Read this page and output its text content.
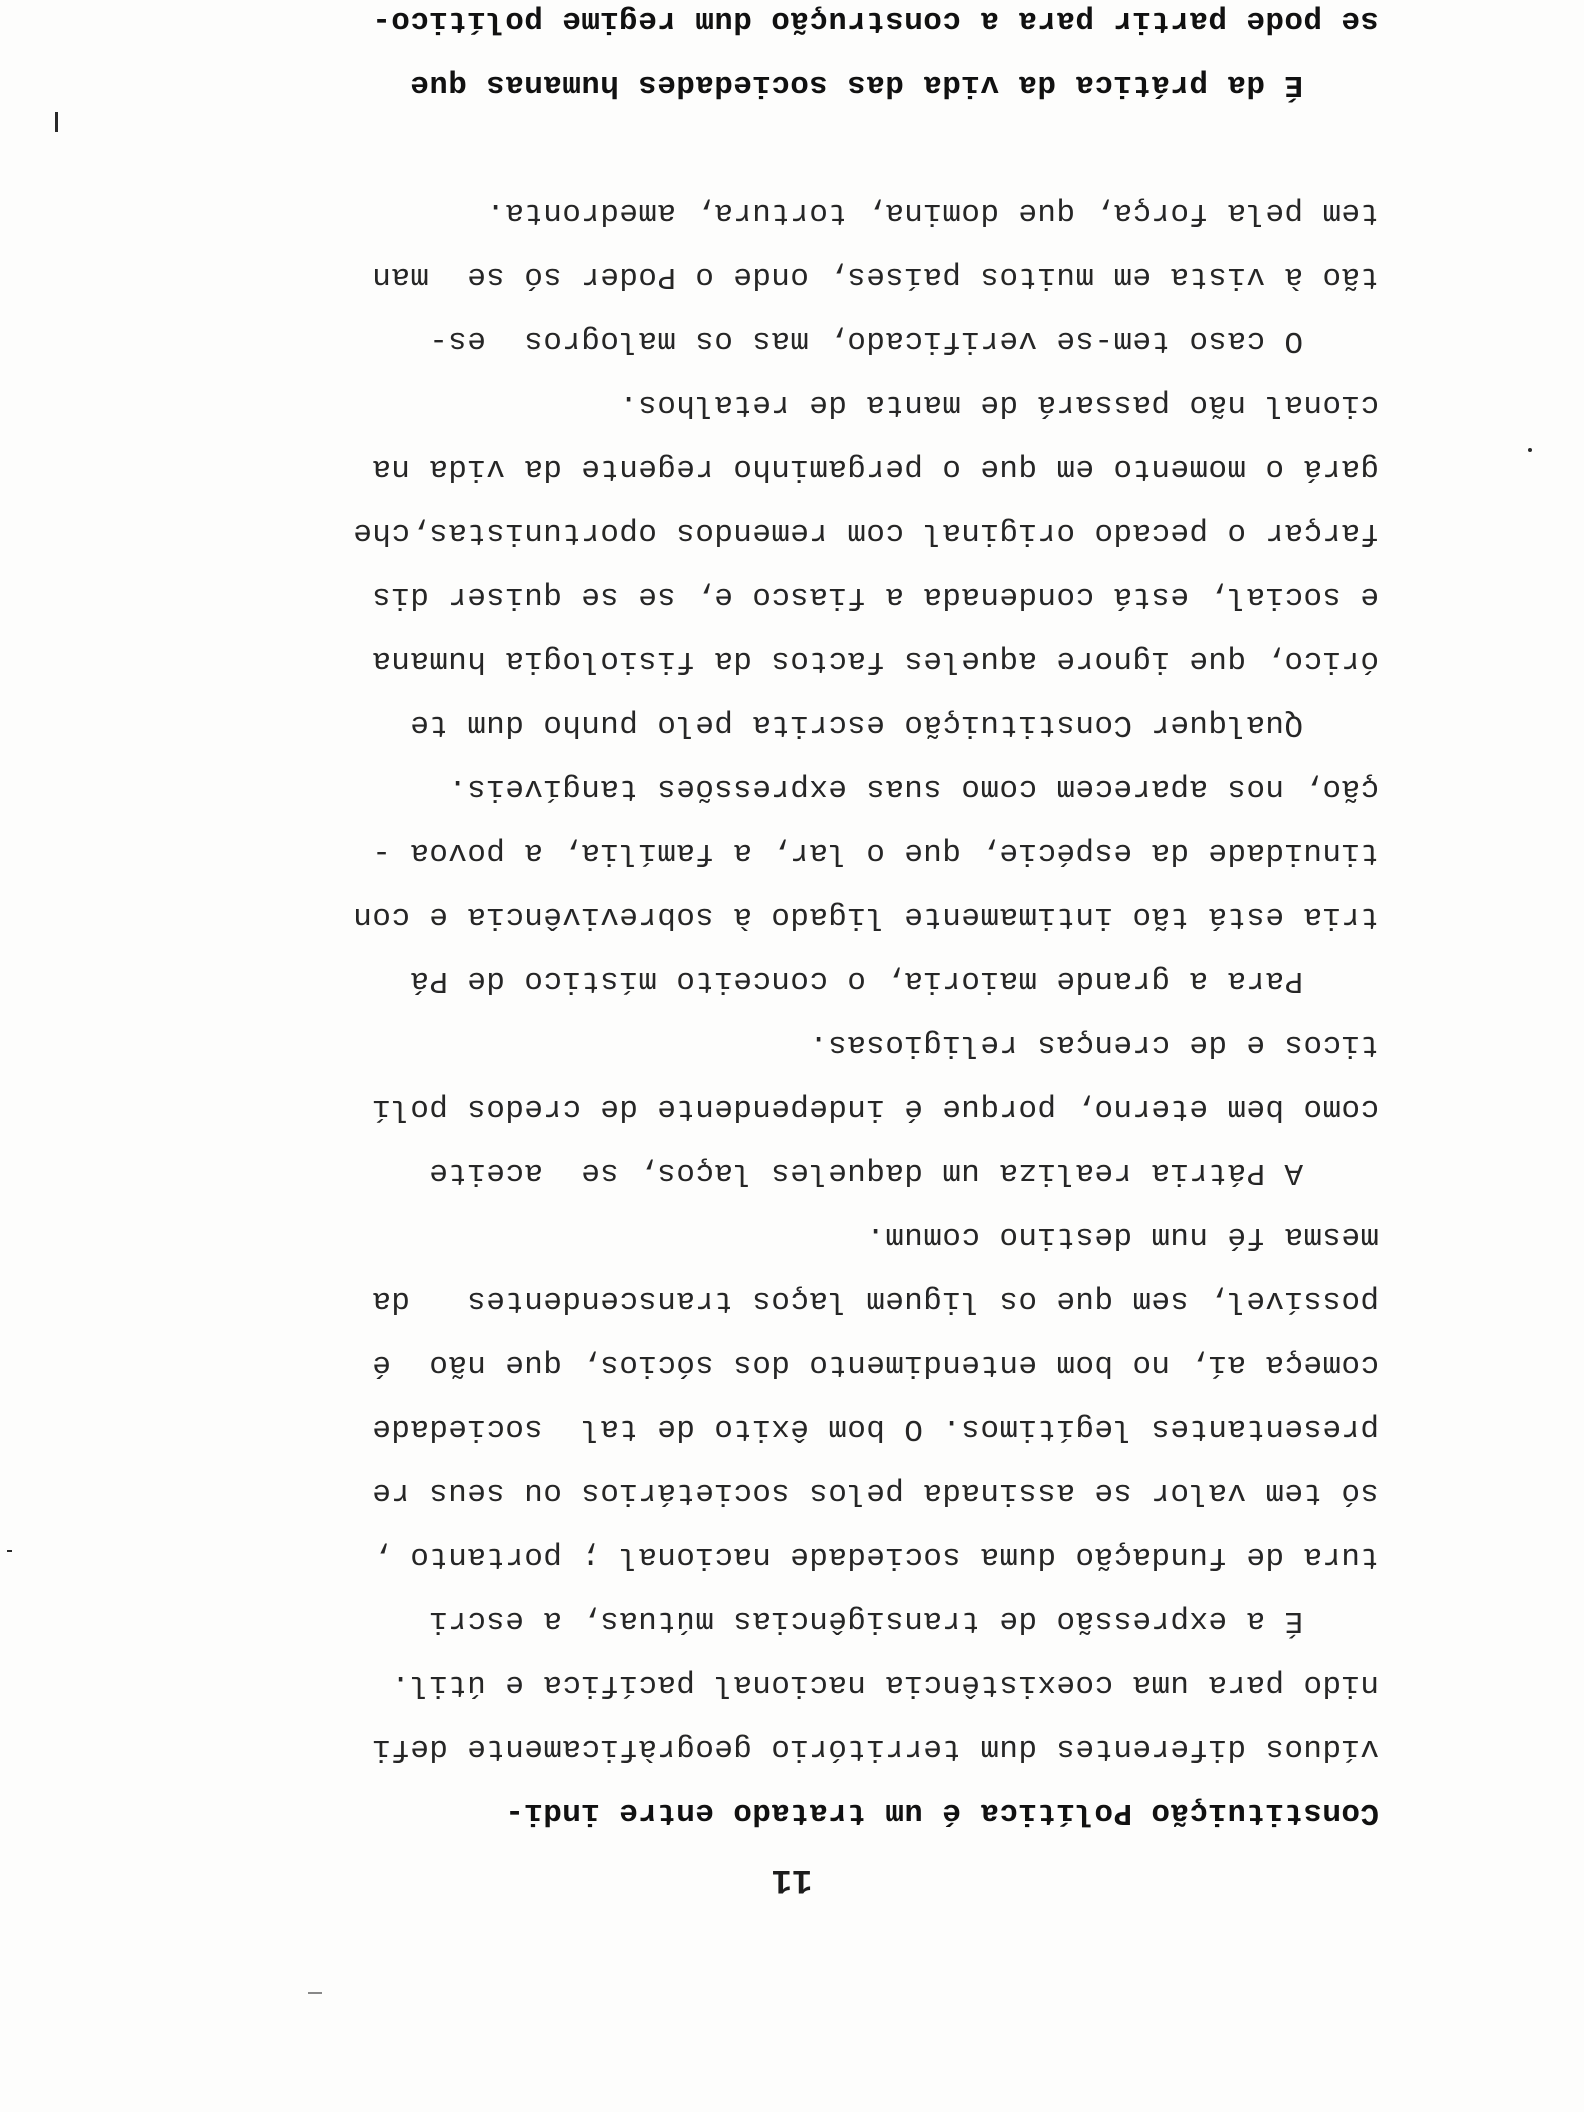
11
Constituição Política é um tratado entre indi-
víduos diferentes dum território geogràficamente defi
nido para uma coexistência nacional pacífica e útil.
É a expressão de transigências mútuas, a escri
tura de fundação duma sociedade nacional ; portanto ,
só tem valor se assinada pelos societários ou seus re
presentantes legítimos. O bom êxito de tal  sociedade
começa aí, no bom entendimento dos sócios, que não  é
possível, sem que os liguem laços transcendentes   da
mesma fé num destino comum.
A Pátria realiza um daqueles laços, se  aceite
como bem eterno, porque é independente de credos polí
ticos e de crenças religiosas.
Para a grande maioria, o conceito místico de Pá
tria está tão intimamente ligado à sobrevivência e con
tinuidade da espécie, que o lar, a família, a povoa -
ção, nos aparecem como suas expressões tangíveis.
Qualquer Constituição escrita pelo punho dum te
órico, que ignore aqueles factos da fisiologia humana
e social, está condenada a fiasco e, se se quiser dis
farçar o pecado original com remendos oportunistas,che
gará o momento em que o pergaminho regente da vida na
cional não passará de manta de retalhos.
O caso tem-se verificado, mas os malogros  es-
tão à vista em muitos países, onde o Poder só se  man
tem pela força, que domina, tortura, amedronta.
É da prática da vida das sociedades humanas que
se pode partir para a construção dum regime político-
